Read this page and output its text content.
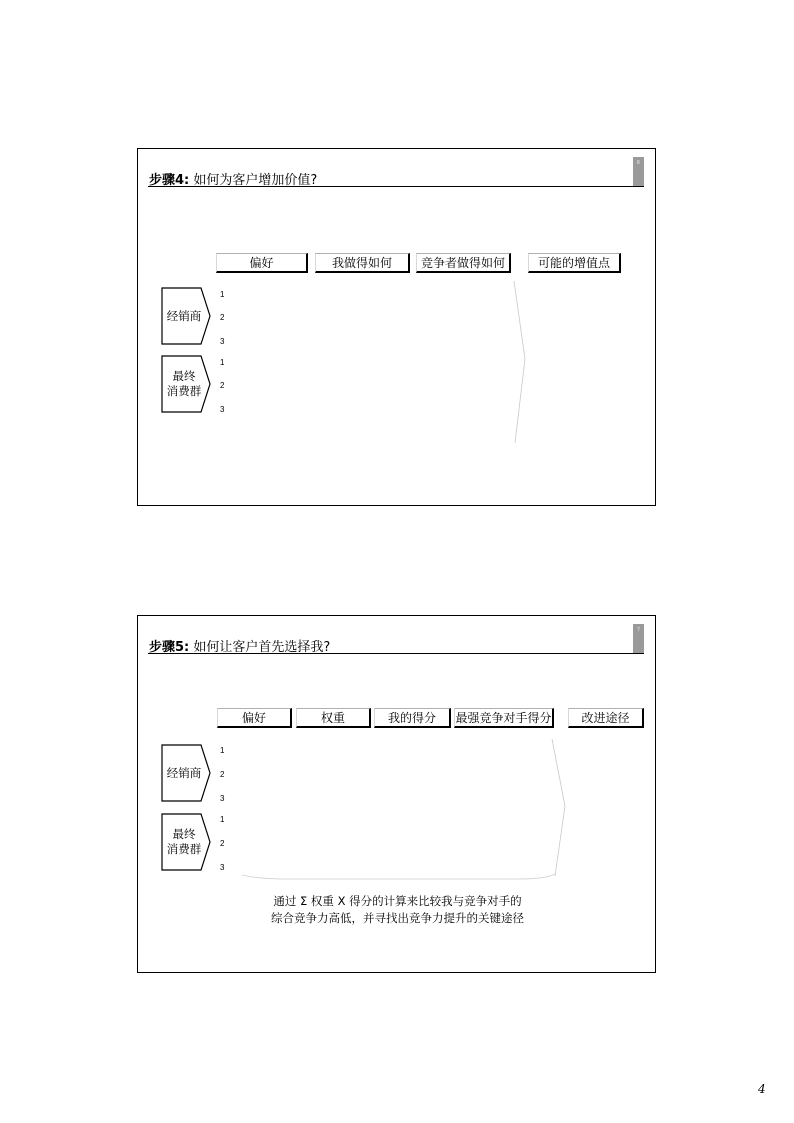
步骤4: 如何为客户增加价值?
6
偏好	我做得如何	竞争者做得如何	可能的增值点
经销商
1
2
3
最终
消费群
1
2
3
步骤5: 如何让客户首先选择我?
7
偏好	权重	我的得分	最强竞争对手得分	改进途径
经销商
1
2
3
最终
消费群
1
2
3
通过 Σ 权重 X 得分的计算来比较我与竞争对手的
综合竞争力高低，并寻找出竞争力提升的关键途径
4
